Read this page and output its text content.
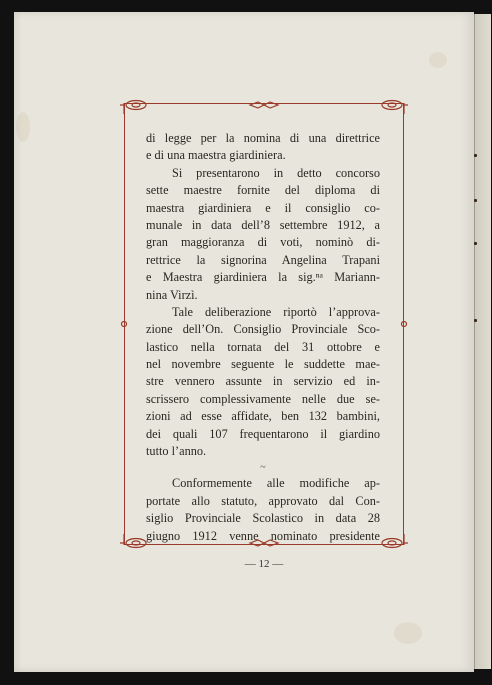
di legge per la nomina di una direttrice
e di una maestra giardiniera.
Si presentarono in detto concorso
sette maestre fornite del diploma di
maestra giardiniera e il consiglio co-
munale in data dell’8 settembre 1912, a
gran maggioranza di voti, nominò di-
rettrice la signorina Angelina Trapani
e Maestra giardiniera la sig.ⁿᵃ Mariann-
nina Virzì.
Tale deliberazione riportò l’approva-
zione dell’On. Consiglio Provinciale Sco-
lastico nella tornata del 31 ottobre e
nel novembre seguente le suddette mae-
stre vennero assunte in servizio ed in-
scrissero complessivamente nelle due se-
zioni ad esse affidate, ben 132 bambini,
dei quali 107 frequentarono il giardino
tutto l’anno.
~
Conformemente alle modifiche ap-
portate allo statuto, approvato dal Con-
siglio Provinciale Scolastico in data 28
giugno 1912 venne nominato presidente
— 12 —
